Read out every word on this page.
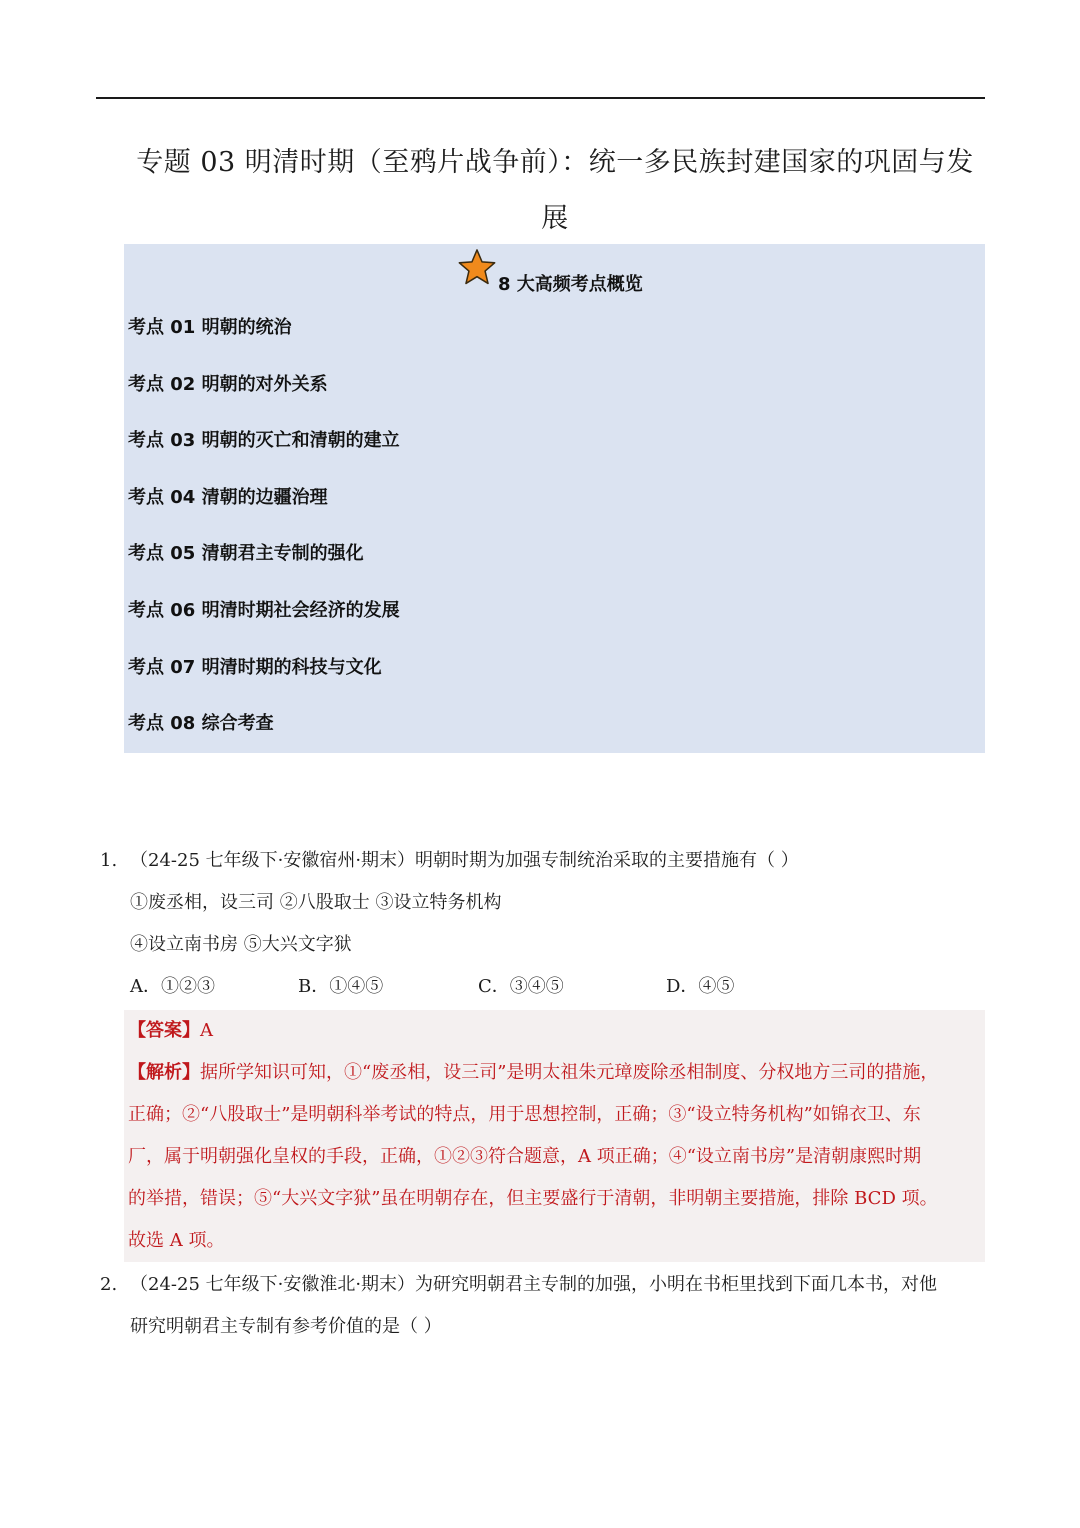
专题 03 明清时期（至鸦片战争前）：统一多民族封建国家的巩固与发
展
8 大高频考点概览
考点 01 明朝的统治
考点 02 明朝的对外关系
考点 03 明朝的灭亡和清朝的建立
考点 04 清朝的边疆治理
考点 05 清朝君主专制的强化
考点 06 明清时期社会经济的发展
考点 07 明清时期的科技与文化
考点 08 综合考查
1. （24-25 七年级下·安徽宿州·期末）明朝时期为加强专制统治采取的主要措施有（ ）
①废丞相，设三司 ②八股取士 ③设立特务机构
④设立南书房 ⑤大兴文字狱
A．①②③	B．①④⑤	C．③④⑤	D．④⑤
【答案】A
【解析】据所学知识可知，①“废丞相，设三司”是明太祖朱元璋废除丞相制度、分权地方三司的措施，
正确；②“八股取士”是明朝科举考试的特点，用于思想控制，正确；③“设立特务机构”如锦衣卫、东
厂，属于明朝强化皇权的手段，正确，①②③符合题意，A 项正确；④“设立南书房”是清朝康熙时期
的举措，错误；⑤“大兴文字狱”虽在明朝存在，但主要盛行于清朝，非明朝主要措施，排除 BCD 项。
故选 A 项。
2. （24-25 七年级下·安徽淮北·期末）为研究明朝君主专制的加强，小明在书柜里找到下面几本书，对他
研究明朝君主专制有参考价值的是（ ）
